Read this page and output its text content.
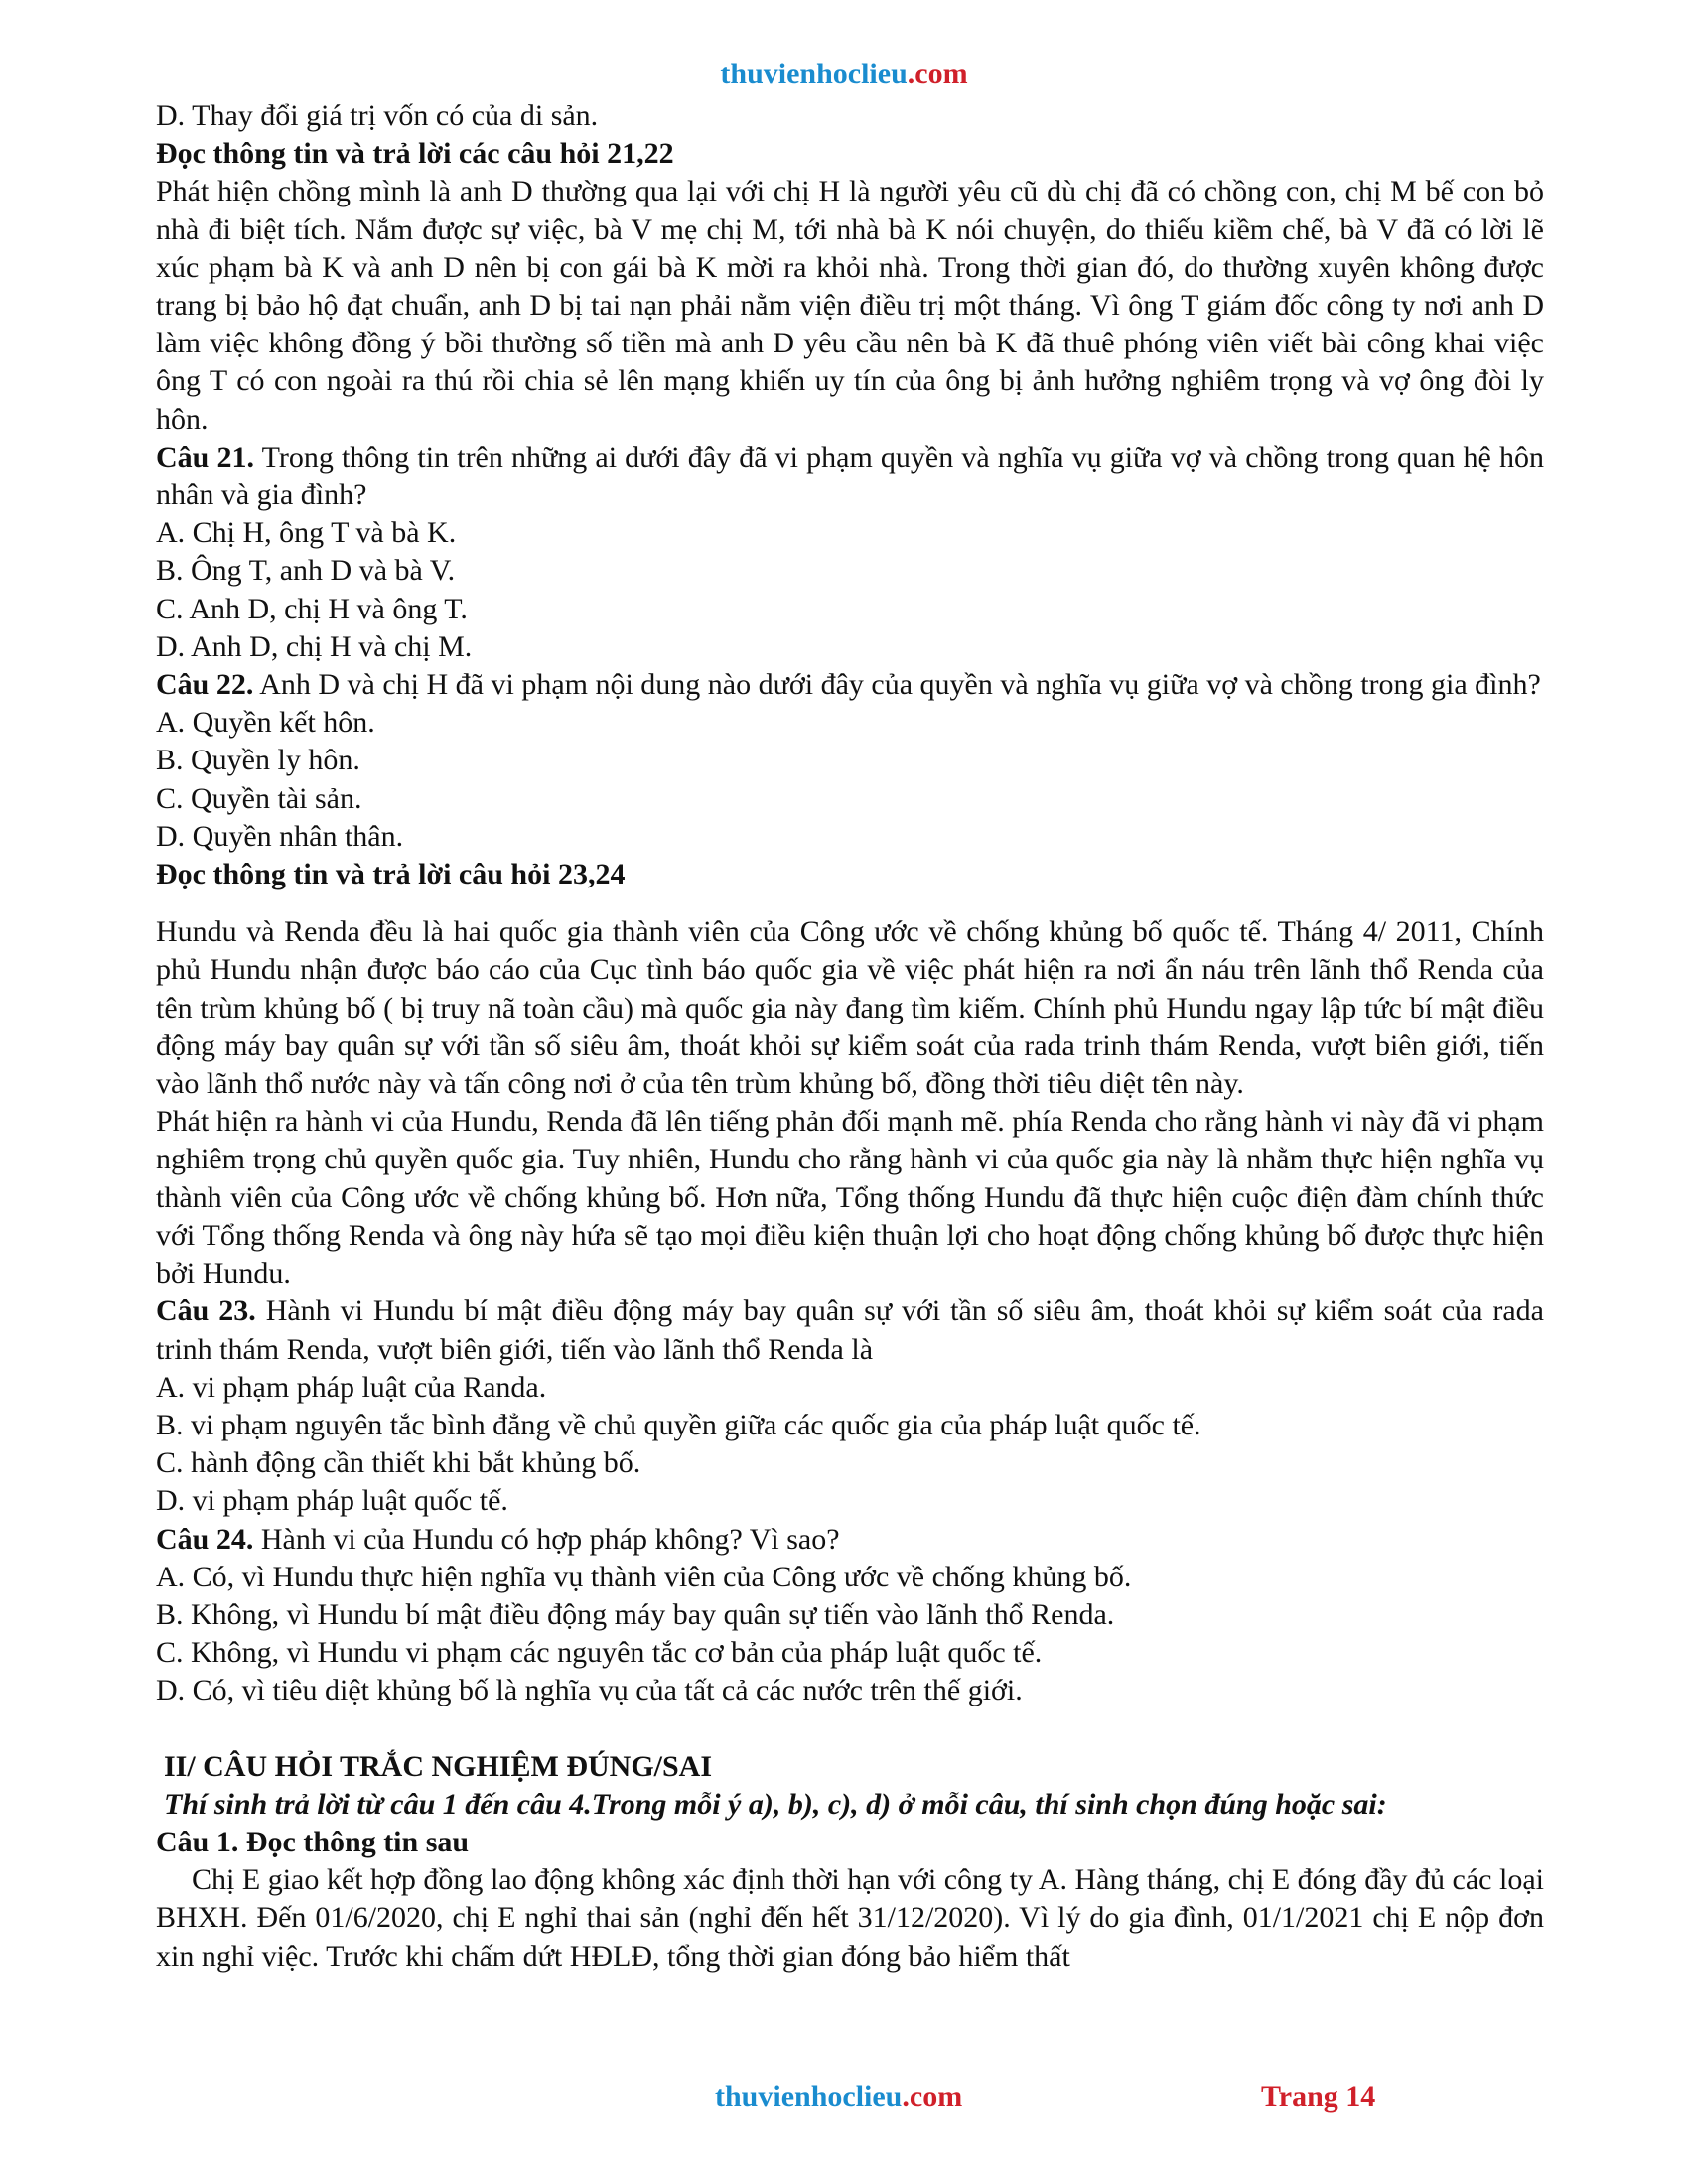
thuvienhoclieu.com

D. Thay đổi giá trị vốn có của di sản.

Đọc thông tin và trả lời các câu hỏi 21,22

Phát hiện chồng mình là anh D thường qua lại với chị H là người yêu cũ dù chị đã có chồng con, chị M bế con bỏ nhà đi biệt tích. Nắm được sự việc, bà V mẹ chị M, tới nhà bà K nói chuyện, do thiếu kiềm chế, bà V đã có lời lẽ xúc phạm bà K và anh D nên bị con gái bà K mời ra khỏi nhà. Trong thời gian đó, do thường xuyên không được trang bị bảo hộ đạt chuẩn, anh D bị tai nạn phải nằm viện điều trị một tháng. Vì ông T giám đốc công ty nơi anh D làm việc không đồng ý bồi thường số tiền mà anh D yêu cầu nên bà K đã thuê phóng viên viết bài công khai việc ông T có con ngoài ra thú rồi chia sẻ lên mạng khiến uy tín của ông bị ảnh hưởng nghiêm trọng và vợ ông đòi ly hôn.

Câu 21. Trong thông tin trên những ai dưới đây đã vi phạm quyền và nghĩa vụ giữa vợ và chồng trong quan hệ hôn nhân và gia đình?

A. Chị H, ông T và bà K.

B. Ông T, anh D và bà V.

C. Anh D, chị H và ông T.

D. Anh D, chị H và chị M.

Câu 22. Anh D và chị H đã vi phạm nội dung nào dưới đây của quyền và nghĩa vụ giữa vợ và chồng trong gia đình?

A. Quyền kết hôn.

B. Quyền ly hôn.

C. Quyền tài sản.

D. Quyền nhân thân.

Đọc thông tin và trả lời câu hỏi 23,24

Hundu và Renda đều là hai quốc gia thành viên của Công ước về chống khủng bố quốc tế. Tháng 4/ 2011, Chính phủ Hundu nhận được báo cáo của Cục tình báo quốc gia về việc phát hiện ra nơi ẩn náu trên lãnh thổ Renda của tên trùm khủng bố ( bị truy nã toàn cầu) mà quốc gia này đang tìm kiếm. Chính phủ Hundu ngay lập tức bí mật điều động máy bay quân sự với tần số siêu âm, thoát khỏi sự kiểm soát của rada trinh thám Renda, vượt biên giới, tiến vào lãnh thổ nước này và tấn công nơi ở của tên trùm khủng bố, đồng thời tiêu diệt tên này.

Phát hiện ra hành vi của Hundu, Renda đã lên tiếng phản đối mạnh mẽ. phía Renda cho rằng hành vi này đã vi phạm nghiêm trọng chủ quyền quốc gia. Tuy nhiên, Hundu cho rằng hành vi của quốc gia này là nhằm thực hiện nghĩa vụ thành viên của Công ước về chống khủng bố. Hơn nữa, Tổng thống Hundu đã thực hiện cuộc điện đàm chính thức với Tổng thống Renda và ông này hứa sẽ tạo mọi điều kiện thuận lợi cho hoạt động chống khủng bố được thực hiện bởi Hundu.

Câu 23. Hành vi Hundu bí mật điều động máy bay quân sự với tần số siêu âm, thoát khỏi sự kiểm soát của rada trinh thám Renda, vượt biên giới, tiến vào lãnh thổ Renda là

A. vi phạm pháp luật của Randa.

B. vi phạm nguyên tắc bình đẳng về chủ quyền giữa các quốc gia của pháp luật quốc tế.

C. hành động cần thiết khi bắt khủng bố.

D. vi phạm pháp luật quốc tế.

Câu 24. Hành vi của Hundu có hợp pháp không? Vì sao?

A. Có, vì Hundu thực hiện nghĩa vụ thành viên của Công ước về chống khủng bố.

B. Không, vì Hundu bí mật điều động máy bay quân sự tiến vào lãnh thổ Renda.

C. Không, vì Hundu vi phạm các nguyên tắc cơ bản của pháp luật quốc tế.

D. Có, vì tiêu diệt khủng bố là nghĩa vụ của tất cả các nước trên thế giới.

II/ CÂU HỎI TRẮC NGHIỆM ĐÚNG/SAI

Thí sinh trả lời từ câu 1 đến câu 4.Trong mỗi ý a), b), c), d) ở mỗi câu, thí sinh chọn đúng hoặc sai:

Câu 1. Đọc thông tin sau

Chị E giao kết hợp đồng lao động không xác định thời hạn với công ty A. Hàng tháng, chị E đóng đầy đủ các loại BHXH. Đến 01/6/2020, chị E nghỉ thai sản (nghỉ đến hết 31/12/2020). Vì lý do gia đình, 01/1/2021 chị E nộp đơn xin nghỉ việc. Trước khi chấm dứt HĐLĐ, tổng thời gian đóng bảo hiểm thất

thuvienhoclieu.com	Trang 14
